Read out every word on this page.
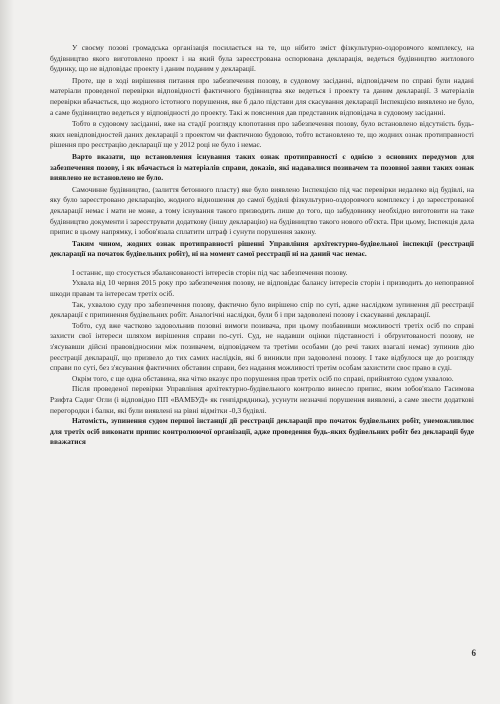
У своєму позові громадська організація посилається на те, що нібито зміст фізкультурно-оздоровчого комплексу, на будівництво якого виготовлено проект і на який була зареєстрована оспорювана декларація, ведеться будівництво житлового будинку, що не відповідає проекту і даним поданим у декларації.

Проте, ще в ході вирішення питання про забезпечення позову, в судовому засіданні, відповідачем по справі були надані матеріали проведеної перевірки відповідності фактичного будівництва яке ведеться і проекту та даним декларації. З матеріалів перевірки вбачається, що жодного істотного порушення, яке б дало підстави для скасування декларації Інспекцією виявлено не було, а саме будівництво ведеться у відповідності до проекту. Такі ж пояснення дав представник відповідача в судовому засіданні.

Тобто в судовому засіданні, вже на стадії розгляду клопотання про забезпечення позову, було встановлено відсутність будь-яких невідповідностей даних декларації з проектом чи фактичною будовою, тобто встановлено те, що жодних ознак протиправності рішення про реєстрацію декларації ще у 2012 році не було і немає.

Варто вказати, що встановлення існування таких ознак протиправності є однією з основних передумов для забезпечення позову, і як вбачається із матеріалів справи, доказів, які надавалися позивачем та позовної заяви таких ознак виявлено не встановлено не було.

Самочинне будівництво, (залиття бетонного пласту) яке було виявлено Інспекцією під час перевірки недалеко від будівлі, на яку було зареєстровано декларацію, жодного відношення до самої будівлі фізкультурно-оздоровчого комплексу і до зареєстрованої декларації немає і мати не може, а тому існування такого призводить лише до того, що забудовнику необхідно виготовити на таке будівництво документи і зареєструвати додаткову (іншу декларацію) на будівництво такого нового об'єкта. При цьому, Інспекція дала припис в цьому напрямку, і зобов'язала сплатити штраф і сунути порушення закону.

Таким чином, жодних ознак протиправності рішенні Управління архітектурно-будівельної інспекції (реєстрації декларації на початок будівельних робіт), ні на момент самої реєстрації ні на даний час немає.

І останнє, що стосується збалансованості інтересів сторін під час забезпечення позову.

Ухвала від 10 червня 2015 року про забезпечення позову, не відповідає балансу інтересів сторін і призводить до непоправної шкоди правам та інтересам третіх осіб.

Так, ухвалою суду про забезпечення позову, фактично було вирішено спір по суті, адже наслідком зупинення дії реєстрації декларації є припинення будівельних робіт. Аналогічні наслідки, були б і при задоволені позову і скасуванні декларації.

Тобто, суд вже частково задовольнив позовні вимоги позивача, при цьому позбавивши можливості третіх осіб по справі захисти свої інтереси шляхом вирішення справи по-суті. Суд, не надавши оцінки підставності і обґрунтованості позову, не з'ясувавши дійсні правовідносини між позивачем, відповідачем та третіми особами (до речі таких взагалі немає) зупинив дію реєстрації декларації, що призвело до тих самих наслідків, які б виникли при задоволені позову. І таке відбулося ще до розгляду справи по суті, без з'ясування фактичних обставин справи, без надання можливості третім особам захистити своє право в суді.

Окрім того, є ще одна обставина, яка чітко вказує про порушення прав третіх осіб по справі, прийнятою судом ухвалою.

Після проведеної перевірки Управління архітектурно-будівельного контролю винесло припис, яким зобов'язало Гасимова Рзифта Садиг Огли (і відповідно ПП «ВАМБУД» як генпідрядника), усунути незначні порушення виявлені, а саме звести додаткові перегородки і балки, які були виявлені на рівні відмітки -0,3 будівлі.

Натомість, зупинення судом першої інстанції дії реєстрації декларації про початок будівельних робіт, унеможливлює для третіх осіб виконати припис контролюючої організації, адже проведення будь-яких будівельних робіт без декларації буде вважатися

6
